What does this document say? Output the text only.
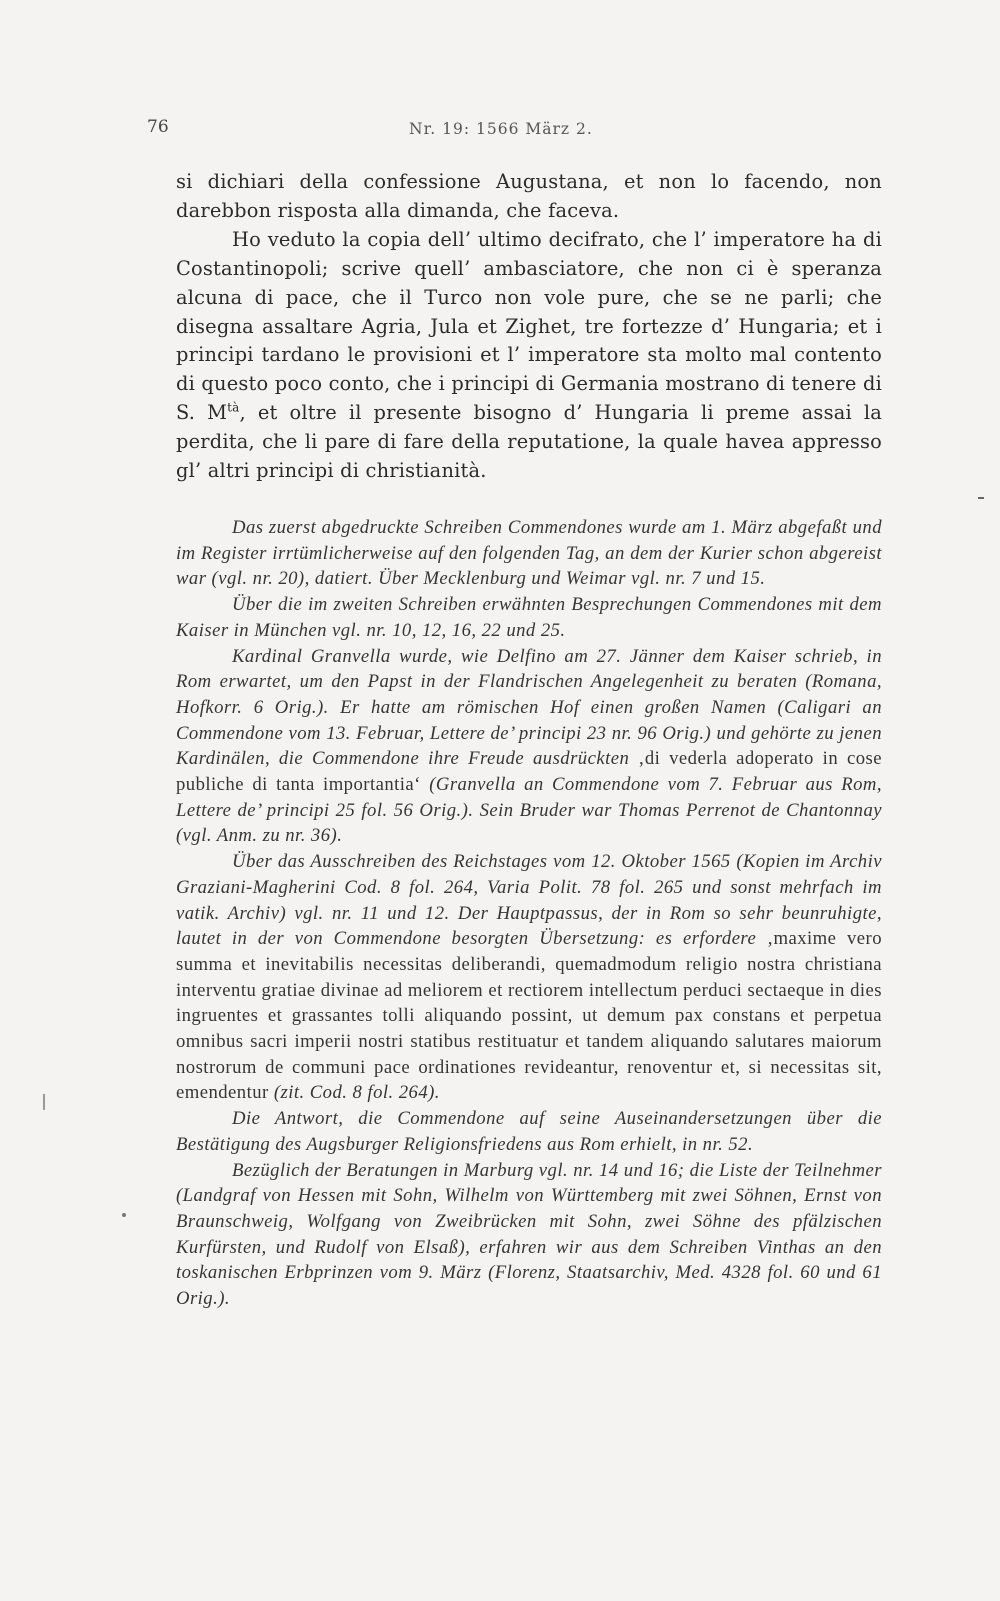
76	Nr. 19: 1566 März 2.

si dichiari della confessione Augustana, et non lo facendo, non darebbon risposta alla dimanda, che faceva.

Ho veduto la copia dell’ ultimo decifrato, che l’ imperatore ha di Costantinopoli; scrive quell’ ambasciatore, che non ci è speranza alcuna di pace, che il Turco non vole pure, che se ne parli; che disegna assaltare Agria, Jula et Zighet, tre fortezze d’ Hungaria; et i principi tardano le provisioni et l’ imperatore sta molto mal contento di questo poco conto, che i principi di Germania mostrano di tenere di S. $M^{tà}$, et oltre il presente bisogno d’ Hungaria li preme assai la perdita, che li pare di fare della reputatione, la quale havea appresso gl’ altri principi di christianità.

Das zuerst abgedruckte Schreiben Commendones wurde am 1. März abgefaßt und im Register irrtümlicherweise auf den folgenden Tag, an dem der Kurier schon abgereist war (vgl. nr. 20), datiert. Über Mecklenburg und Weimar vgl. nr. 7 und 15.

Über die im zweiten Schreiben erwähnten Besprechungen Commendones mit dem Kaiser in München vgl. nr. 10, 12, 16, 22 und 25.

Kardinal Granvella wurde, wie Delfino am 27. Jänner dem Kaiser schrieb, in Rom erwartet, um den Papst in der Flandrischen Angelegenheit zu beraten (Romana, Hofkorr. 6 Orig.). Er hatte am römischen Hof einen großen Namen (Caligari an Commendone vom 13. Februar, Lettere de’ principi 23 nr. 96 Orig.) und gehörte zu jenen Kardinälen, die Commendone ihre Freude ausdrückten ‚di vederla adoperato in cose publiche di tanta importantia‘ (Granvella an Commendone vom 7. Februar aus Rom, Lettere de’ principi 25 fol. 56 Orig.). Sein Bruder war Thomas Perrenot de Chantonnay (vgl. Anm. zu nr. 36).

Über das Ausschreiben des Reichstages vom 12. Oktober 1565 (Kopien im Archiv Graziani-Magherini Cod. 8 fol. 264, Varia Polit. 78 fol. 265 und sonst mehrfach im vatik. Archiv) vgl. nr. 11 und 12. Der Hauptpassus, der in Rom so sehr beunruhigte, lautet in der von Commendone besorgten Übersetzung: es erfordere ‚maxime vero summa et inevitabilis necessitas deliberandi, quemadmodum religio nostra christiana interventu gratiae divinae ad meliorem et rectiorem intellectum perduci sectaeque in dies ingruentes et grassantes tolli aliquando possint, ut demum pax constans et perpetua omnibus sacri imperii nostri statibus restituatur et tandem aliquando salutares maiorum nostrorum de communi pace ordinationes revideantur, renoventur et, si necessitas sit, emendentur (zit. Cod. 8 fol. 264).

Die Antwort, die Commendone auf seine Auseinandersetzungen über die Bestätigung des Augsburger Religionsfriedens aus Rom erhielt, in nr. 52.

Bezüglich der Beratungen in Marburg vgl. nr. 14 und 16; die Liste der Teilnehmer (Landgraf von Hessen mit Sohn, Wilhelm von Württemberg mit zwei Söhnen, Ernst von Braunschweig, Wolfgang von Zweibrücken mit Sohn, zwei Söhne des pfälzischen Kurfürsten, und Rudolf von Elsaß), erfahren wir aus dem Schreiben Vinthas an den toskanischen Erbprinzen vom 9. März (Florenz, Staatsarchiv, Med. 4328 fol. 60 und 61 Orig.).
